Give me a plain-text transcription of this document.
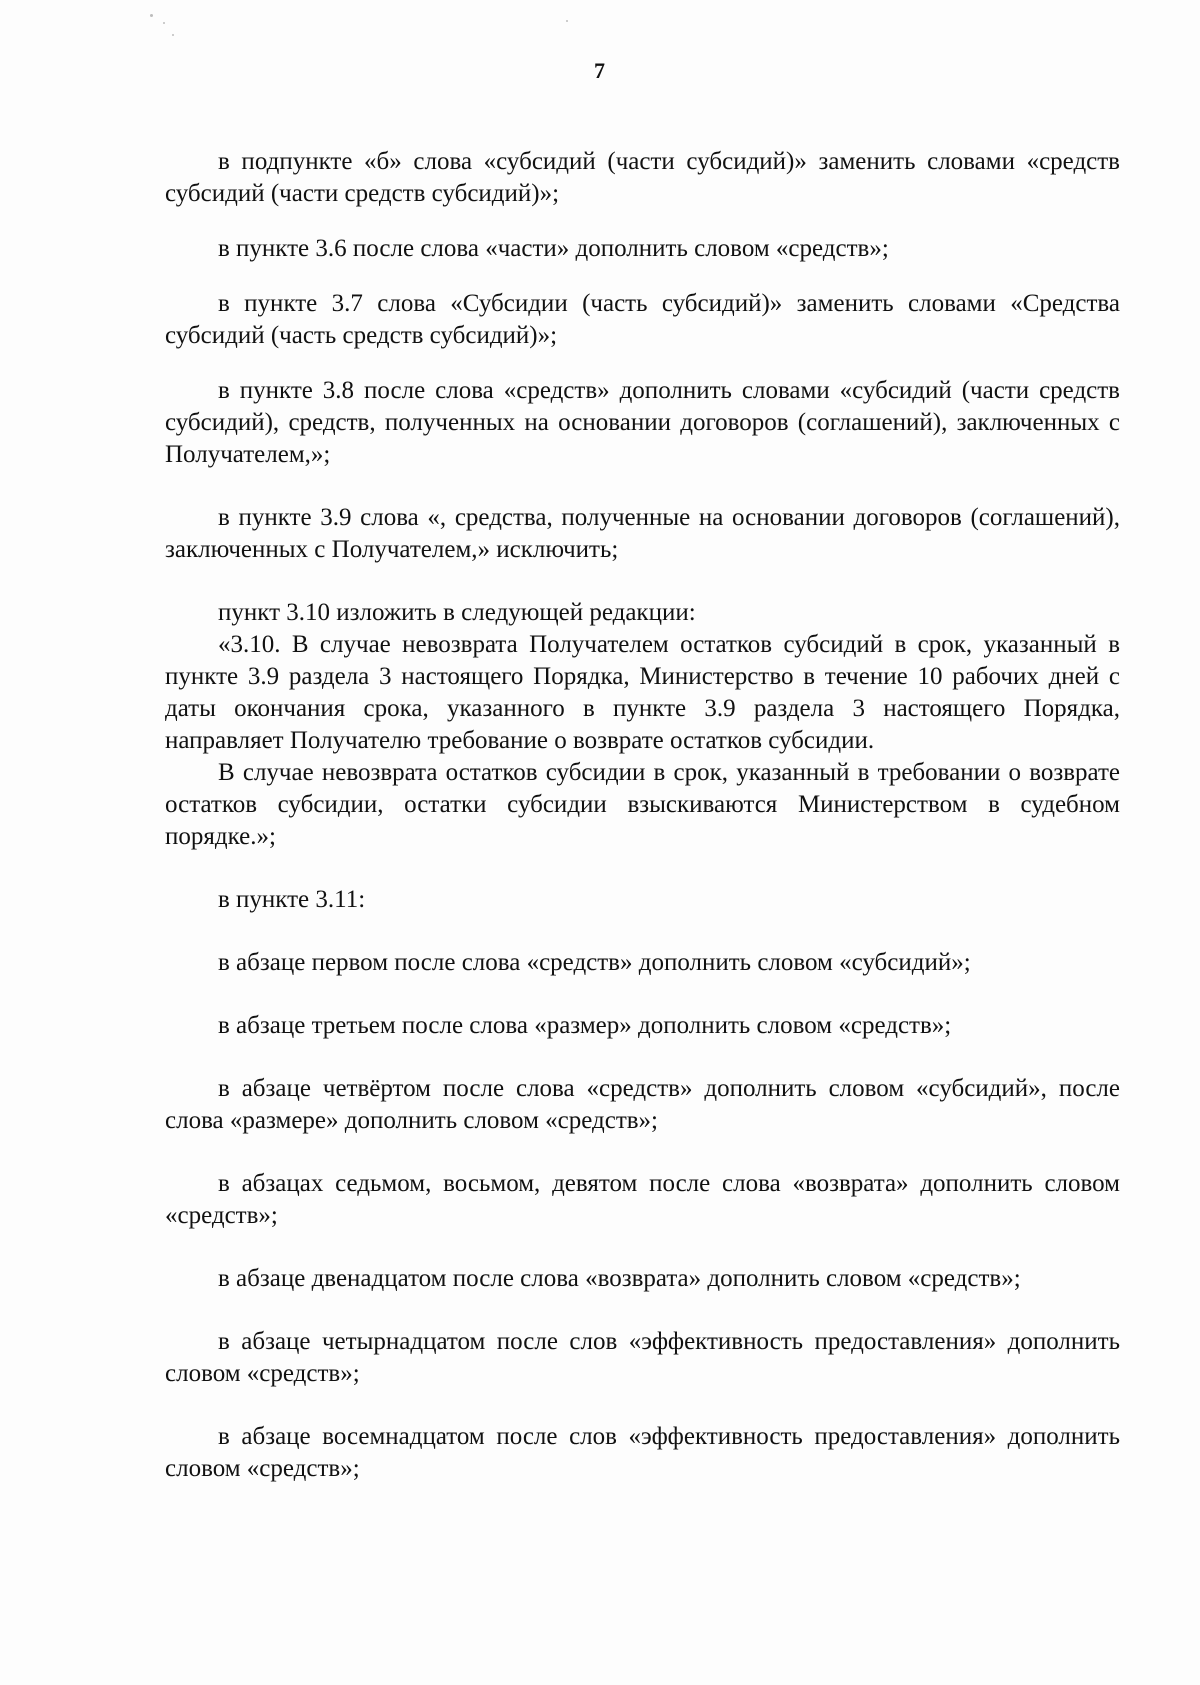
7

в подпункте «б» слова «субсидий (части субсидий)» заменить словами «средств субсидий (части средств субсидий)»;

в пункте 3.6 после слова «части» дополнить словом «средств»;

в пункте 3.7 слова «Субсидии (часть субсидий)» заменить словами «Средства субсидий (часть средств субсидий)»;

в пункте 3.8 после слова «средств» дополнить словами «субсидий (части средств субсидий), средств, полученных на основании договоров (соглашений), заключенных с Получателем,»;

в пункте 3.9 слова «, средства, полученные на основании договоров (соглашений), заключенных с Получателем,» исключить;

пункт 3.10 изложить в следующей редакции:

«3.10. В случае невозврата Получателем остатков субсидий в срок, указанный в пункте 3.9 раздела 3 настоящего Порядка, Министерство в течение 10 рабочих дней с даты окончания срока, указанного в пункте 3.9 раздела 3 настоящего Порядка, направляет Получателю требование о возврате остатков субсидии.

В случае невозврата остатков субсидии в срок, указанный в требовании о возврате остатков субсидии, остатки субсидии взыскиваются Министерством в судебном порядке.»;

в пункте 3.11:

в абзаце первом после слова «средств» дополнить словом «субсидий»;

в абзаце третьем после слова «размер» дополнить словом «средств»;

в абзаце четвёртом после слова «средств» дополнить словом «субсидий», после слова «размере» дополнить словом «средств»;

в абзацах седьмом, восьмом, девятом после слова «возврата» дополнить словом «средств»;

в абзаце двенадцатом после слова «возврата» дополнить словом «средств»;

в абзаце четырнадцатом после слов «эффективность предоставления» дополнить словом «средств»;

в абзаце восемнадцатом после слов «эффективность предоставления» дополнить словом «средств»;
